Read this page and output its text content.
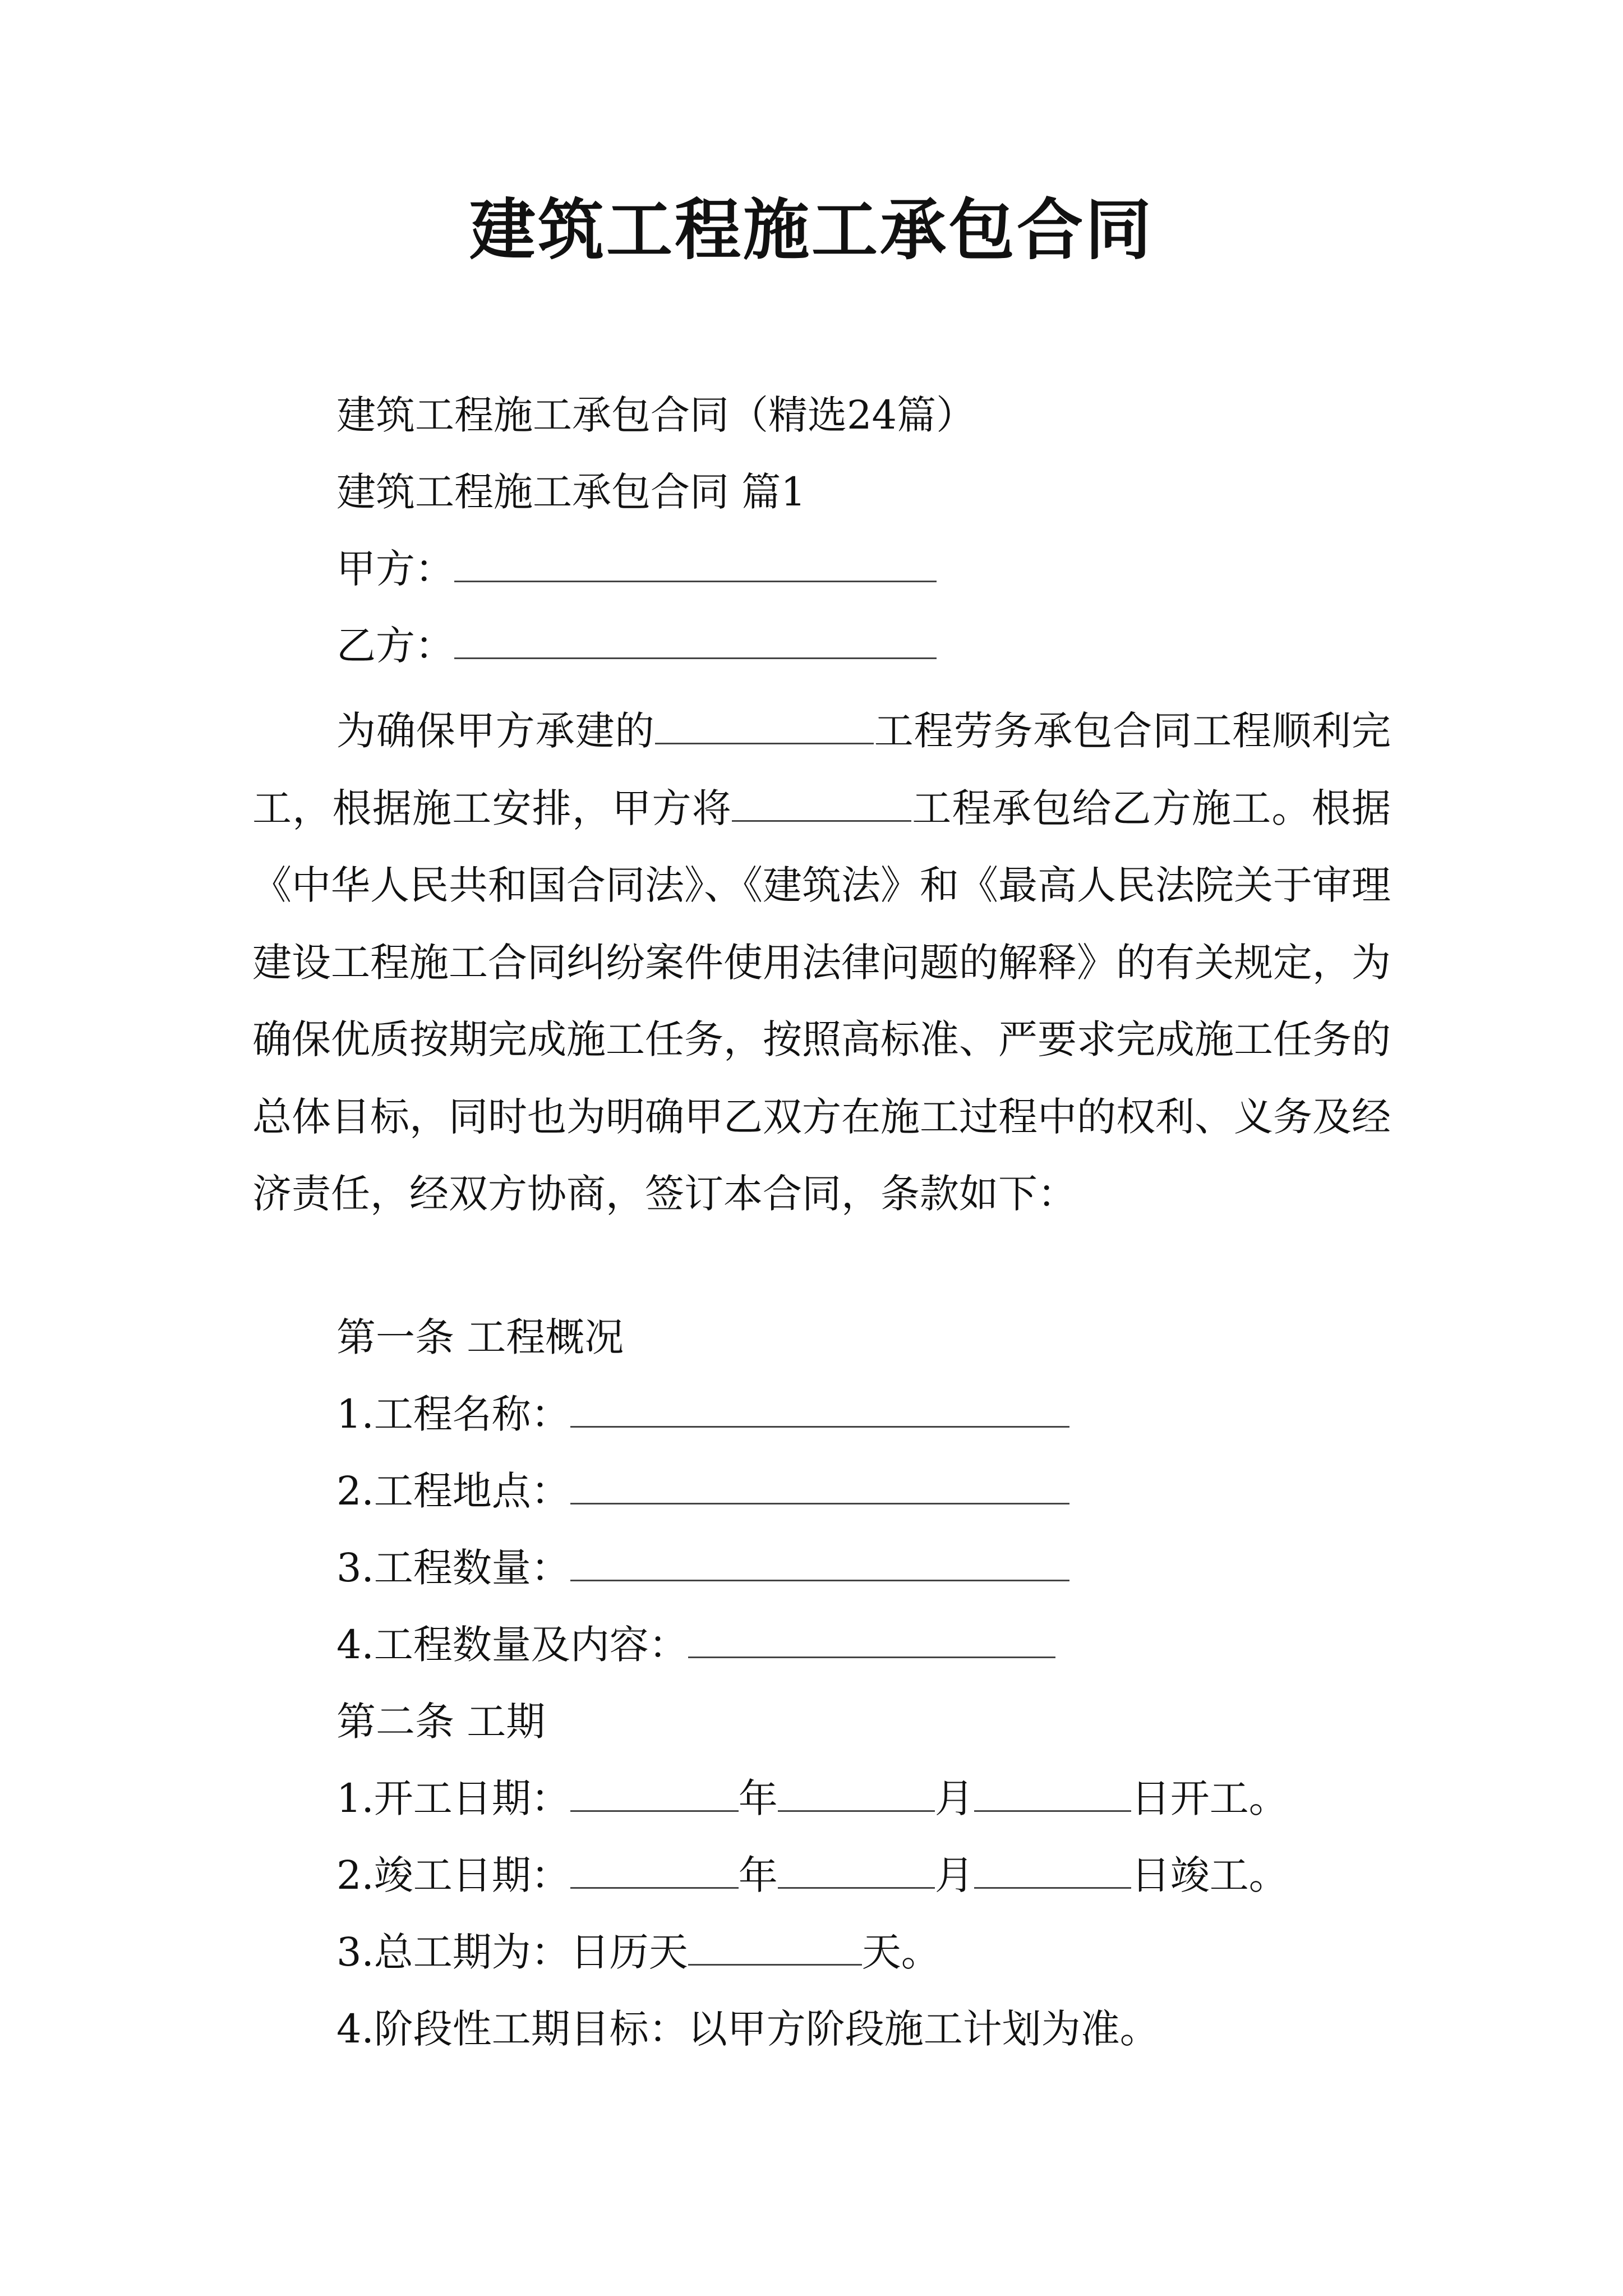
建筑工程施工承包合同
建筑工程施工承包合同（精选24篇）
建筑工程施工承包合同 篇1
甲方：
乙方：
为确保甲方承建的	工程劳务承包合同工程顺利完工，根据施工安排，甲方将	工程承包给乙方施工。根据《中华人民共和国合同法》、《建筑法》和《最高人民法院关于审理建设工程施工合同纠纷案件使用法律问题的解释》的有关规定，为确保优质按期完成施工任务，按照高标准、严要求完成施工任务的总体目标，同时也为明确甲乙双方在施工过程中的权利、义务及经济责任，经双方协商，签订本合同，条款如下：
第一条 工程概况
1.工程名称：
2.工程地点：
3.工程数量：
4.工程数量及内容：
第二条 工期
1.开工日期：	年	月	日开工。
2.竣工日期：	年	月	日竣工。
3.总工期为：日历天	天。
4.阶段性工期目标：以甲方阶段施工计划为准。
